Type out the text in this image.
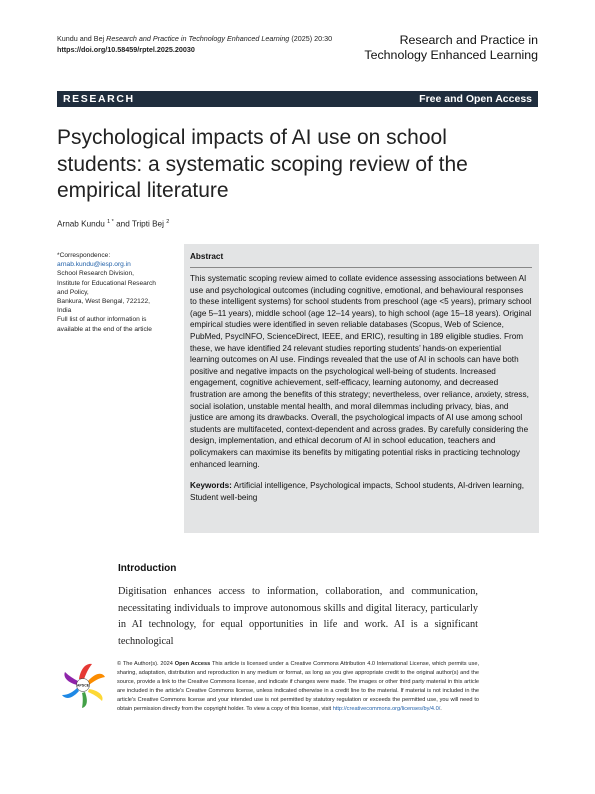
Kundu and Bej Research and Practice in Technology Enhanced Learning (2025) 20:30
https://doi.org/10.58459/rptel.2025.20030
Research and Practice in
Technology Enhanced Learning
RESEARCH	Free and Open Access
Psychological impacts of AI use on school
students: a systematic scoping review of the
empirical literature
Arnab Kundu $^{1 *}$ and Tripti Bej $^2$
*Correspondence:
arnab.kundu@iesp.org.in
School Research Division,
Institute for Educational Research
and Policy,
Bankura, West Bengal, 722122,
India
Full list of author information is
available at the end of the article
Abstract
This systematic scoping review aimed to collate evidence assessing associations between AI use and psychological outcomes (including cognitive, emotional, and behavioural responses to these intelligent systems) for school students from preschool (age <5 years), primary school (age 5–11 years), middle school (age 12–14 years), to high school (age 15–18 years). Original empirical studies were identified in seven reliable databases (Scopus, Web of Science, PubMed, PsycINFO, ScienceDirect, IEEE, and ERIC), resulting in 189 eligible studies. From these, we have identified 24 relevant studies reporting students’ hands-on experiential learning outcomes on AI use. Findings revealed that the use of AI in schools can have both positive and negative impacts on the psychological well-being of students. Increased engagement, cognitive achievement, self-efficacy, learning autonomy, and decreased frustration are among the benefits of this strategy; nevertheless, over reliance, anxiety, stress, social isolation, unstable mental health, and moral dilemmas including privacy, bias, and justice are among its drawbacks. Overall, the psychological impacts of AI use among school students are multifaceted, context-dependent and across grades. By carefully considering the design, implementation, and ethical decorum of AI in school education, teachers and policymakers can maximise its benefits by mitigating potential risks in practicing technology enhanced learning.
Keywords: Artificial intelligence, Psychological impacts, School students, AI-driven learning, Student well-being
Introduction
Digitisation enhances access to information, collaboration, and communication, necessitating individuals to improve autonomous skills and digital literacy, particularly in AI technology, for equal opportunities in life and work. AI is a significant technological
APSCE
© The Author(s). 2024 Open Access This article is licensed under a Creative Commons Attribution 4.0 International License, which permits use, sharing, adaptation, distribution and reproduction in any medium or format, as long as you give appropriate credit to the original author(s) and the source, provide a link to the Creative Commons license, and indicate if changes were made. The images or other third party material in this article are included in the article's Creative Commons license, unless indicated otherwise in a credit line to the material. If material is not included in the article's Creative Commons license and your intended use is not permitted by statutory regulation or exceeds the permitted use, you will need to obtain permission directly from the copyright holder. To view a copy of this license, visit http://creativecommons.org/licenses/by/4.0/.
